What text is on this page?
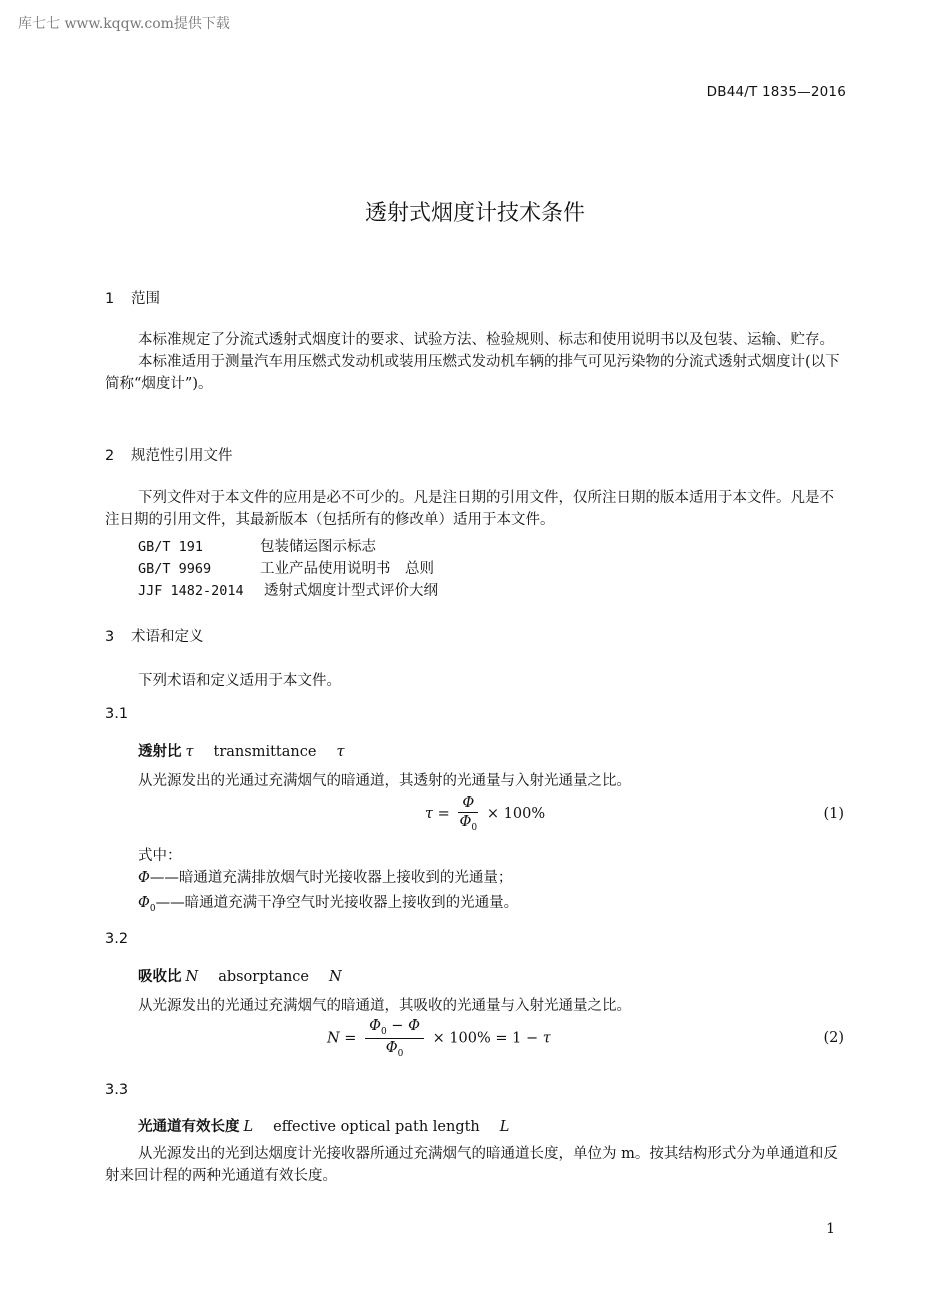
库七七 www.kqqw.com提供下载
DB44/T 1835—2016
透射式烟度计技术条件
1 范围

本标准规定了分流式透射式烟度计的要求、试验方法、检验规则、标志和使用说明书以及包装、运输、贮存。

本标准适用于测量汽车用压燃式发动机或装用压燃式发动机车辆的排气可见污染物的分流式透射式烟度计(以下简称“烟度计”)。

2 规范性引用文件

下列文件对于本文件的应用是必不可少的。凡是注日期的引用文件，仅所注日期的版本适用于本文件。凡是不注日期的引用文件，其最新版本（包括所有的修改单）适用于本文件。

GB/T 191	包装储运图示标志
GB/T 9969	工业产品使用说明书　总则
JJF 1482-2014 透射式烟度计型式评价大纲
3 术语和定义
下列术语和定义适用于本文件。
3.1
透射比 τ transmittance τ
从光源发出的光通过充满烟气的暗通道，其透射的光通量与入射光通量之比。
$\tau = \frac{\Phi}{\Phi_0} \times 100\%$	(1)
式中：
Φ——暗通道充满排放烟气时光接收器上接收到的光通量；
$\Phi_0——$暗通道充满干净空气时光接收器上接收到的光通量。
3.2
吸收比 N absorptance N
从光源发出的光通过充满烟气的暗通道，其吸收的光通量与入射光通量之比。
$N = \frac{\Phi_0 - \Phi}{\Phi_0} \times 100\% = 1 - \tau$	(2)
3.3
光通道有效长度 L effective optical path length L

从光源发出的光到达烟度计光接收器所通过充满烟气的暗通道长度，单位为 m。按其结构形式分为单通道和反射来回计程的两种光通道有效长度。

1
